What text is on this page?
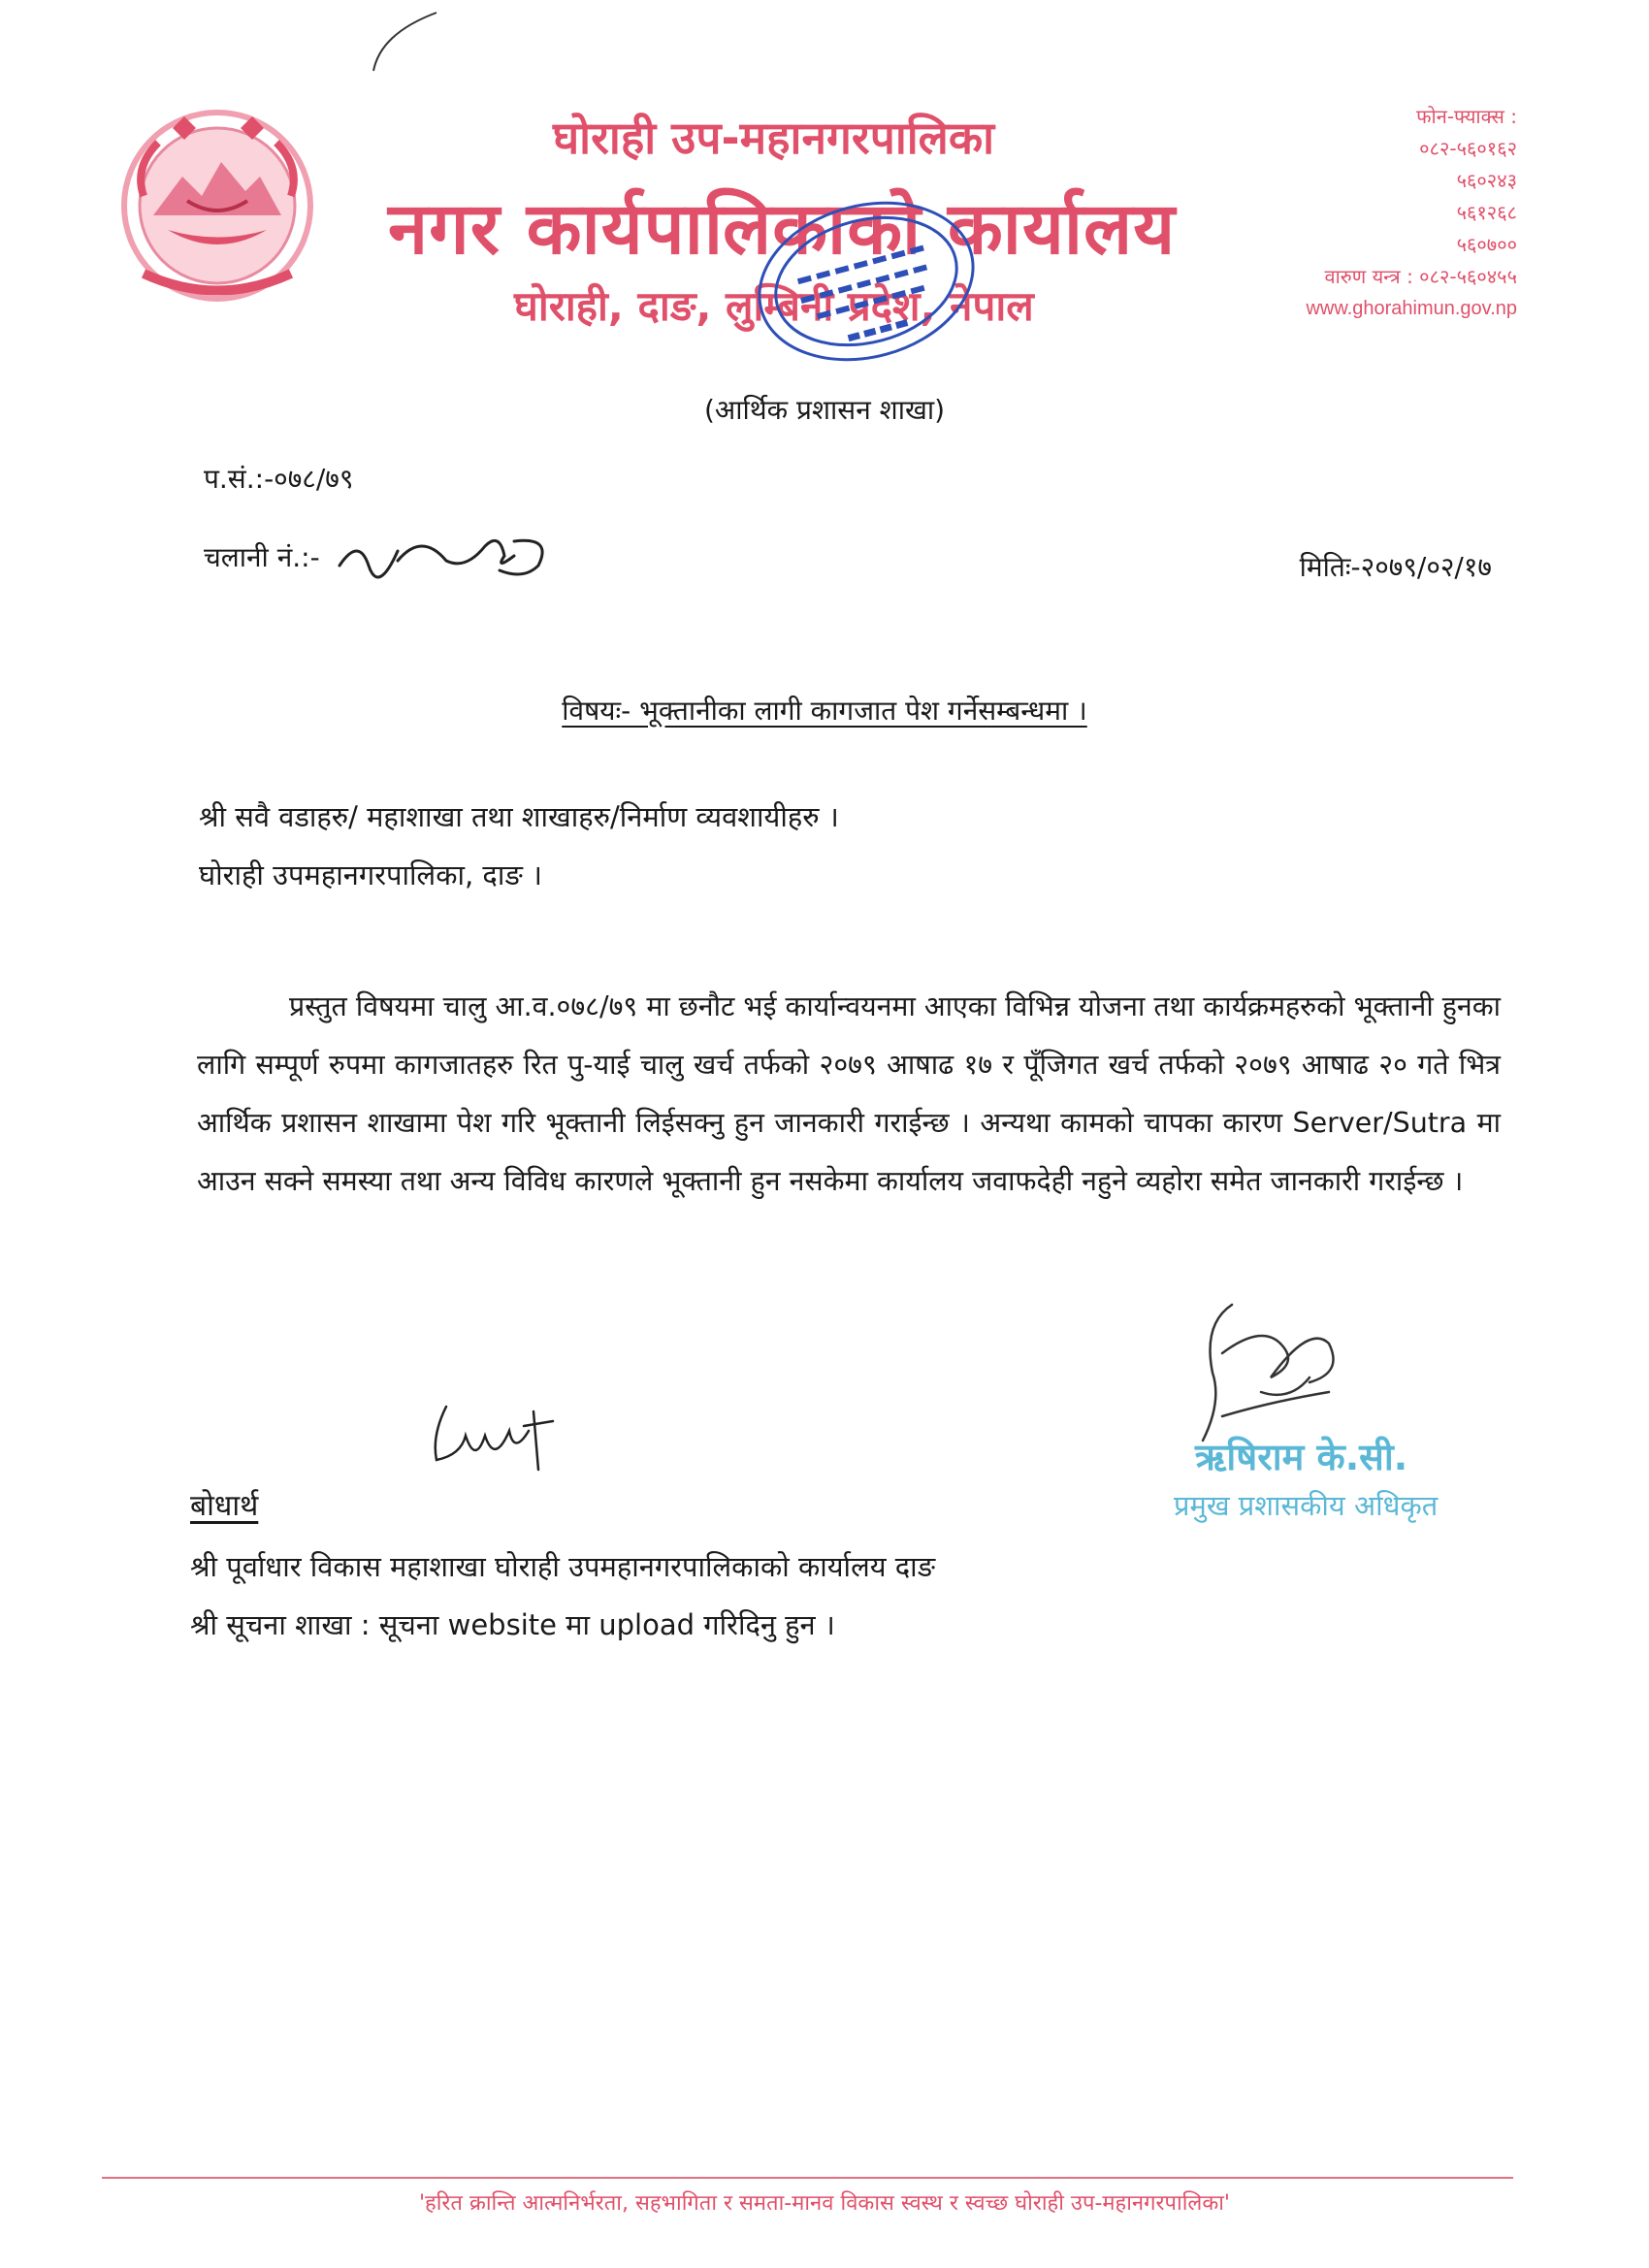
घोराही उप-महानगरपालिका
नगर कार्यपालिकाको कार्यालय
घोराही, दाङ, लुम्बिनी प्रदेश, नेपाल
फोन-फ्याक्स :
०८२-५६०१६२
५६०२४३
५६१२६८
५६०७००
वारुण यन्त्र : ०८२-५६०४५५
www.ghorahimun.gov.np
(आर्थिक प्रशासन शाखा)
प.सं.:-०७८/७९
चलानी नं.:-	मितिः-२०७९/०२/१७
विषयः- भूक्तानीका लागी कागजात पेश गर्नेसम्बन्धमा ।
श्री सवै वडाहरु/ महाशाखा तथा शाखाहरु/निर्माण व्यवशायीहरु ।
घोराही उपमहानगरपालिका, दाङ ।
प्रस्तुत विषयमा चालु आ.व.०७८/७९ मा छनौट भई कार्यान्वयनमा आएका विभिन्न योजना तथा कार्यक्रमहरुको भूक्तानी हुनका लागि सम्पूर्ण रुपमा कागजातहरु रित पु-याई चालु खर्च तर्फको २०७९ आषाढ १७ र पूँजिगत खर्च तर्फको २०७९ आषाढ २० गते भित्र आर्थिक प्रशासन शाखामा पेश गरि भूक्तानी लिईसक्नु हुन जानकारी गराईन्छ । अन्यथा कामको चापका कारण Server/Sutra मा आउन सक्ने समस्या तथा अन्य विविध कारणले भूक्तानी हुन नसकेमा कार्यालय जवाफदेही नहुने व्यहोरा समेत जानकारी गराईन्छ ।
ऋषिराम के.सी.
प्रमुख प्रशासकीय अधिकृत
बोधार्थ
श्री पूर्वाधार विकास महाशाखा घोराही उपमहानगरपालिकाको कार्यालय दाङ
श्री सूचना शाखा : सूचना website मा upload गरिदिनु हुन ।
'हरित क्रान्ति आत्मनिर्भरता, सहभागिता र समता-मानव विकास स्वस्थ र स्वच्छ घोराही उप-महानगरपालिका'
